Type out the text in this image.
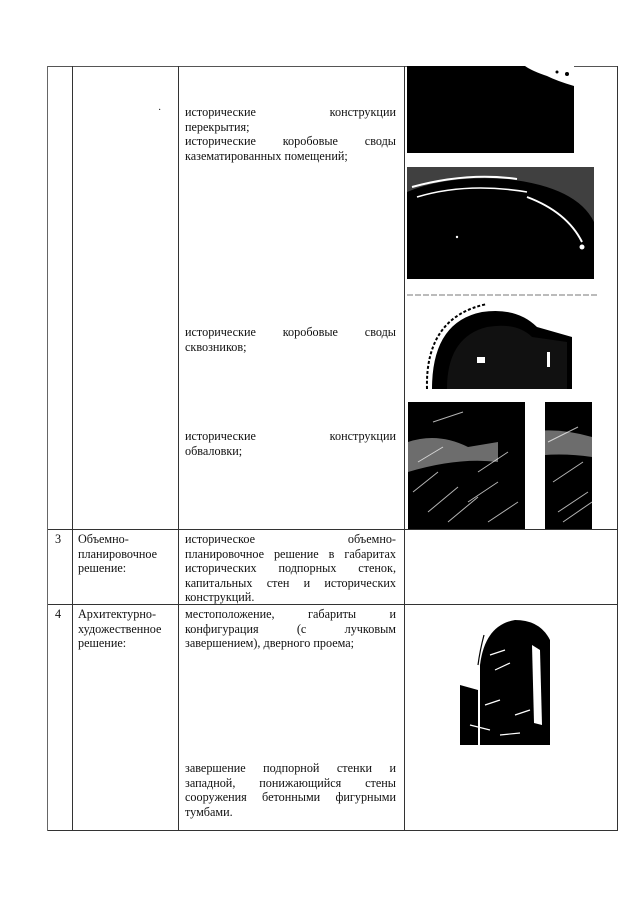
· исторические конструкции
перекрытия;
исторические коробовые своды
казематированных помещений;
исторические коробовые своды
сквозников;
исторические конструкции
обваловки;
3 Объемно-
планировочное
решение:
историческое объемно-
планировочное решение в габаритах
исторических подпорных стенок,
капитальных стен и исторических
конструкций.
4 Архитектурно-
художественное
решение:
местоположение, габариты и
конфигурация (с лучковым
завершением), дверного проема;
завершение подпорной стенки и
западной, понижающийся стены
сооружения бетонными фигурными
тумбами.
